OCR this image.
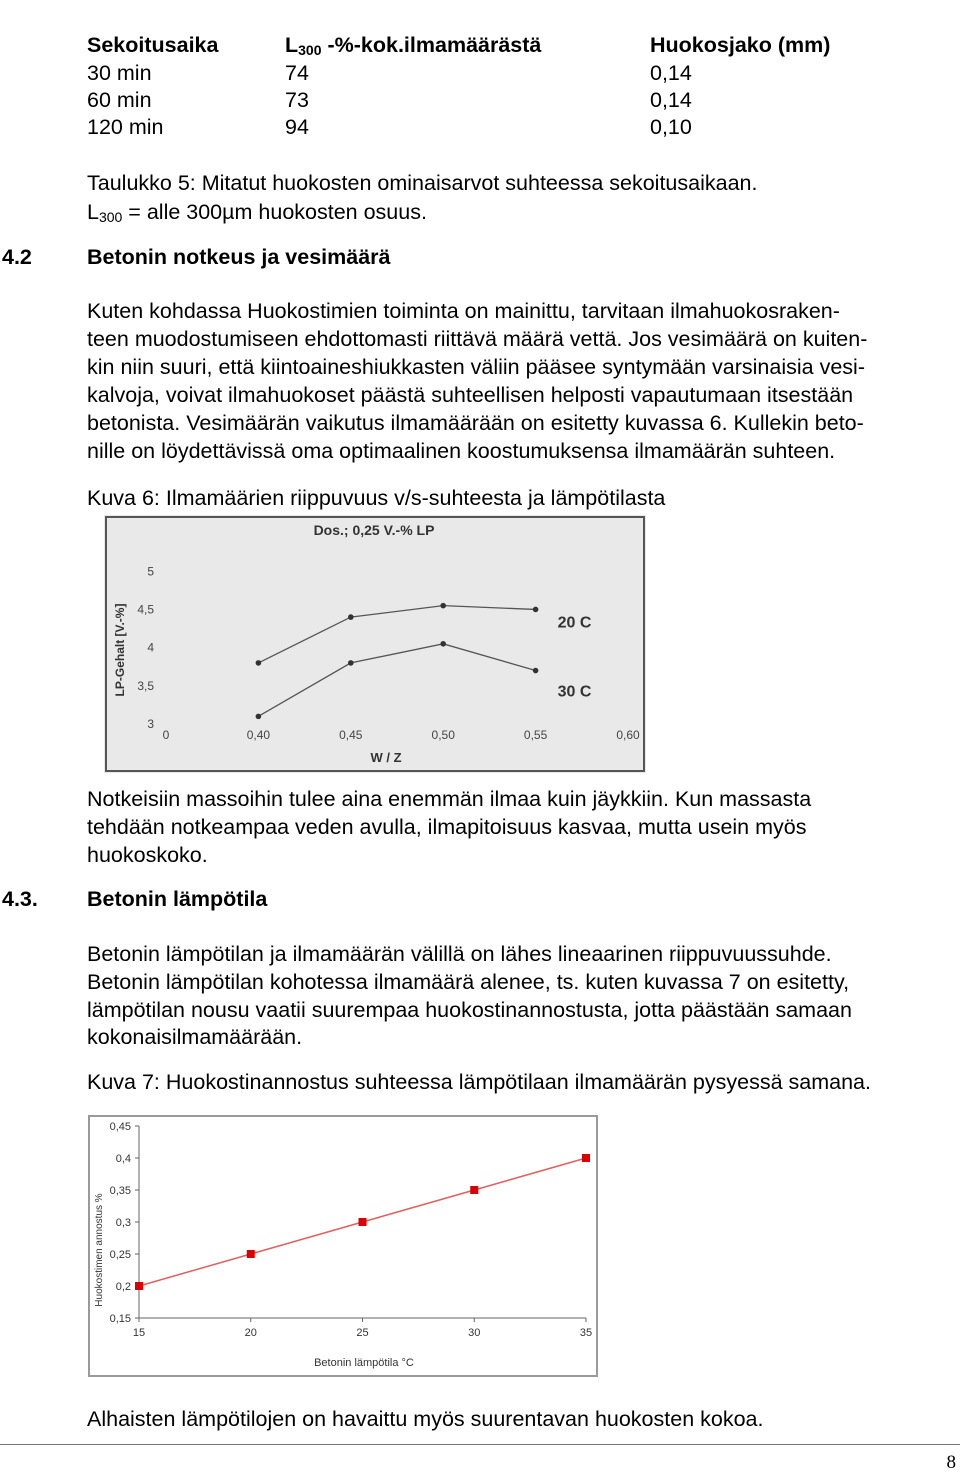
Sekoitusaika	$L_{300}$ -%-kok.ilmamäärästä	Huokosjako (mm)
30 min	74	0,14
60 min	73	0,14
120 min	94	0,10
Taulukko 5: Mitatut huokosten ominaisarvot suhteessa sekoitusaikaan.
$L_{300}$ = alle 300µm huokosten osuus.
4.2	Betonin notkeus ja vesimäärä
Kuten kohdassa Huokostimien toiminta on mainittu, tarvitaan ilmahuokosraken-
teen muodostumiseen ehdottomasti riittävä määrä vettä. Jos vesimäärä on kuiten-
kin niin suuri, että kiintoaineshiukkasten väliin pääsee syntymään varsinaisia vesi-
kalvoja, voivat ilmahuokoset päästä suhteellisen helposti vapautumaan itsestään
betonista. Vesimäärän vaikutus ilmamäärään on esitetty kuvassa 6. Kullekin beto-
nille on löydettävissä oma optimaalinen koostumuksensa ilmamäärän suhteen.
Kuva 6: Ilmamäärien riippuvuus v/s-suhteesta ja lämpötilasta
Dos.; 0,25 V.-% LP
LP-Gehalt [V.-%]
W / Z
0	0,40	0,45	0,50	0,55	0,60
3
3,5
4
4,5
5
20 C
30 C
Notkeisiin massoihin tulee aina enemmän ilmaa kuin jäykkiin. Kun massasta
tehdään notkeampaa veden avulla, ilmapitoisuus kasvaa, mutta usein myös
huokoskoko.
4.3. Betonin lämpötila
Betonin lämpötilan ja ilmamäärän välillä on lähes lineaarinen riippuvuussuhde.
Betonin lämpötilan kohotessa ilmamäärä alenee, ts. kuten kuvassa 7 on esitetty,
lämpötilan nousu vaatii suurempaa huokostinannostusta, jotta päästään samaan
kokonaisilmamäärään.
Kuva 7: Huokostinannostus suhteessa lämpötilaan ilmamäärän pysyessä samana.
Huokostimen annostus %
Betonin lämpötila °C
0,15
0,2
0,25
0,3
0,35
0,4
0,45
15	20	25	30	35
Alhaisten lämpötilojen on havaittu myös suurentavan huokosten kokoa.
8
